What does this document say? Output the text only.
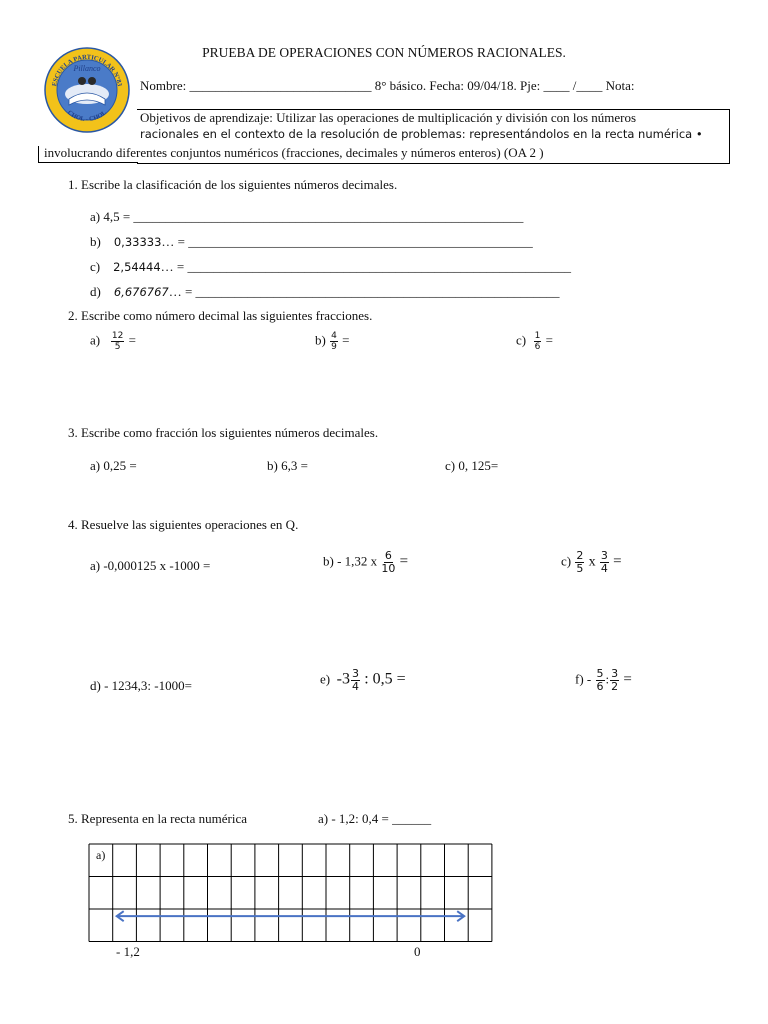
Pillanco
ESCUELA PARTICULAR N°83
CHOL - CHOL
PRUEBA DE OPERACIONES CON NÚMEROS RACIONALES.
Nombre: ____________________________ 8° básico. Fecha: 09/04/18. Pje: ____ /____ Nota:
Objetivos de aprendizaje: Utilizar las operaciones de multiplicación y división con los números
racionales en el contexto de la resolución de problemas: representándolos en la recta numérica •
involucrando diferentes conjuntos numéricos (fracciones, decimales y números enteros) (OA 2 )
1. Escribe la clasificación de los siguientes números decimales.
a) 4,5 = ____________________________________________________________
b) 0,33333… = _____________________________________________________
c) 2,54444… = ___________________________________________________________
d) 6,676767… = ________________________________________________________
2. Escribe como número decimal las siguientes fracciones.
$a) \frac{12}{5}$ =	$b) \frac{4}{9}$ =	$c) \frac{1}{6}$ =
3. Escribe como fracción los siguientes números decimales.
a) 0,25 =	b) 6,3 =	c) 0, 125=
4. Resuelve las siguientes operaciones en Q.
a) -0,000125 x -1000 =	b) - 1,32 x $\frac{6}{10}$ =	$c) \frac{2}{5}$ x $\frac{3}{4}$ =
d) - 1234,3: -1000=	e) $-3 \frac{3}{4}$ : 0,5 =	$f) - \frac{5}{6}$ : $\frac{3}{2}$ =
5. Representa en la recta numérica	a) - 1,2: 0,4 = ______
a)
- 1,2	0
